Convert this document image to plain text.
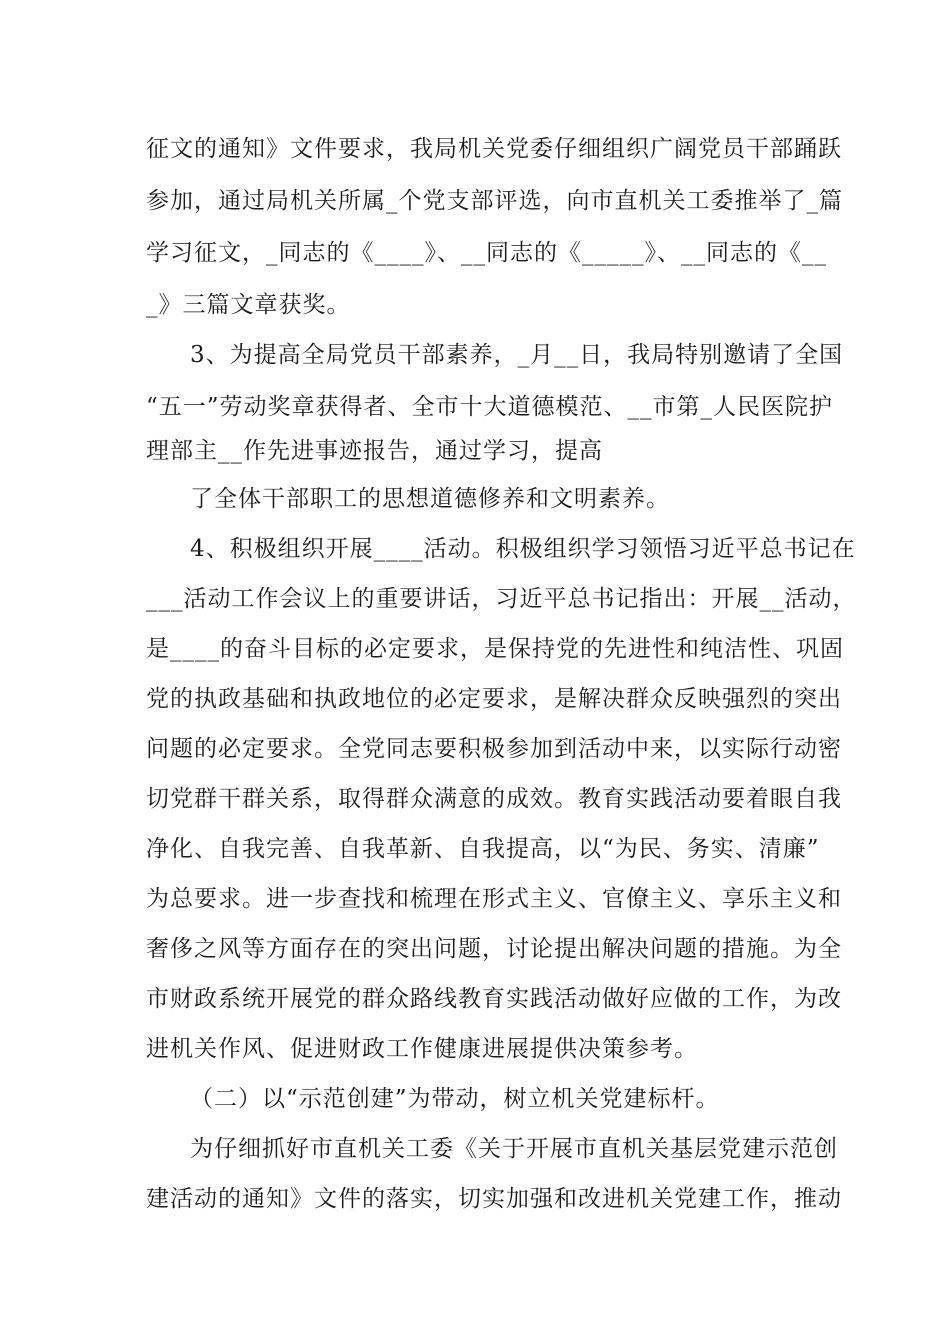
征文的通知》文件要求，我局机关党委仔细组织广阔党员干部踊跃
参加，通过局机关所属_个党支部评选，向市直机关工委推举了_篇
学习征文，_同志的《____》、__同志的《_____》、__同志的《__
_》三篇文章获奖。
3、为提高全局党员干部素养，_月__日，我局特别邀请了全国
“五一”劳动奖章获得者、全市十大道德模范、__市第_人民医院护
理部主__作先进事迹报告，通过学习，提高
了全体干部职工的思想道德修养和文明素养。
4、积极组织开展____活动。积极组织学习领悟习近平总书记在
___活动工作会议上的重要讲话，习近平总书记指出：开展__活动，
是____的奋斗目标的必定要求，是保持党的先进性和纯洁性、巩固
党的执政基础和执政地位的必定要求，是解决群众反映强烈的突出
问题的必定要求。全党同志要积极参加到活动中来，以实际行动密
切党群干群关系，取得群众满意的成效。教育实践活动要着眼自我
净化、自我完善、自我革新、自我提高，以“为民、务实、清廉”
为总要求。进一步查找和梳理在形式主义、官僚主义、享乐主义和
奢侈之风等方面存在的突出问题，讨论提出解决问题的措施。为全
市财政系统开展党的群众路线教育实践活动做好应做的工作，为改
进机关作风、促进财政工作健康进展提供决策参考。
（二）以“示范创建”为带动，树立机关党建标杆。
为仔细抓好市直机关工委《关于开展市直机关基层党建示范创
建活动的通知》文件的落实，切实加强和改进机关党建工作，推动
